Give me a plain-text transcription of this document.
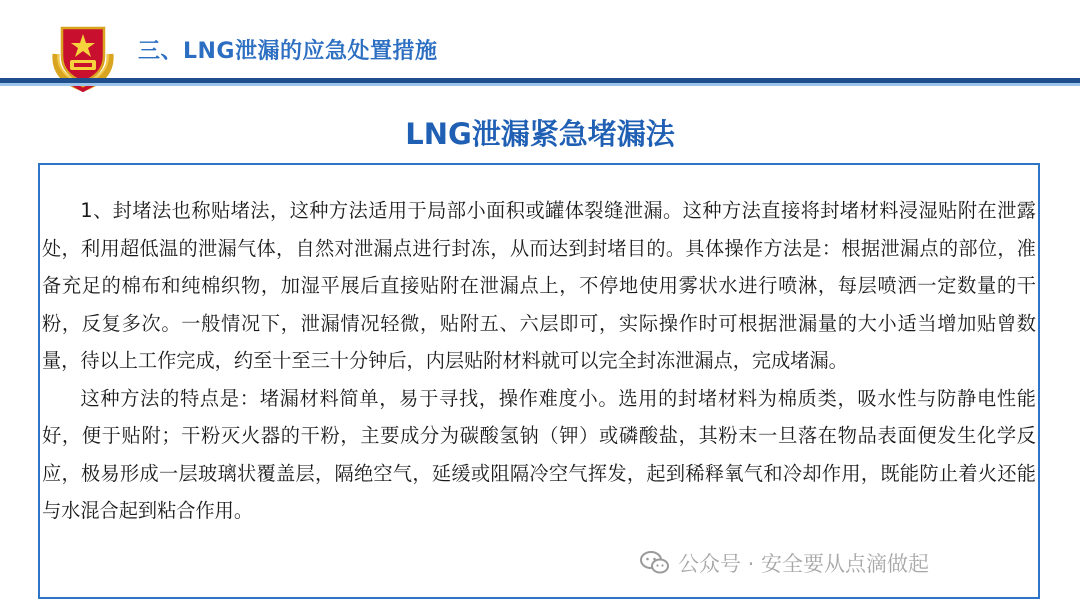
三、LNG泄漏的应急处置措施
LNG泄漏紧急堵漏法

1、封堵法也称贴堵法，这种方法适用于局部小面积或罐体裂缝泄漏。这种方法直接将封堵材料浸湿贴附在泄露处，利用超低温的泄漏气体，自然对泄漏点进行封冻，从而达到封堵目的。具体操作方法是：根据泄漏点的部位，准备充足的棉布和纯棉织物，加湿平展后直接贴附在泄漏点上，不停地使用雾状水进行喷淋，每层喷洒一定数量的干粉，反复多次。一般情况下，泄漏情况轻微，贴附五、六层即可，实际操作时可根据泄漏量的大小适当增加贴曾数量，待以上工作完成，约至十至三十分钟后，内层贴附材料就可以完全封冻泄漏点，完成堵漏。

这种方法的特点是：堵漏材料简单，易于寻找，操作难度小。选用的封堵材料为棉质类，吸水性与防静电性能好，便于贴附；干粉灭火器的干粉，主要成分为碳酸氢钠（钾）或磷酸盐，其粉末一旦落在物品表面便发生化学反应，极易形成一层玻璃状覆盖层，隔绝空气，延缓或阻隔冷空气挥发，起到稀释氧气和冷却作用，既能防止着火还能与水混合起到粘合作用。

公众号 · 安全要从点滴做起
